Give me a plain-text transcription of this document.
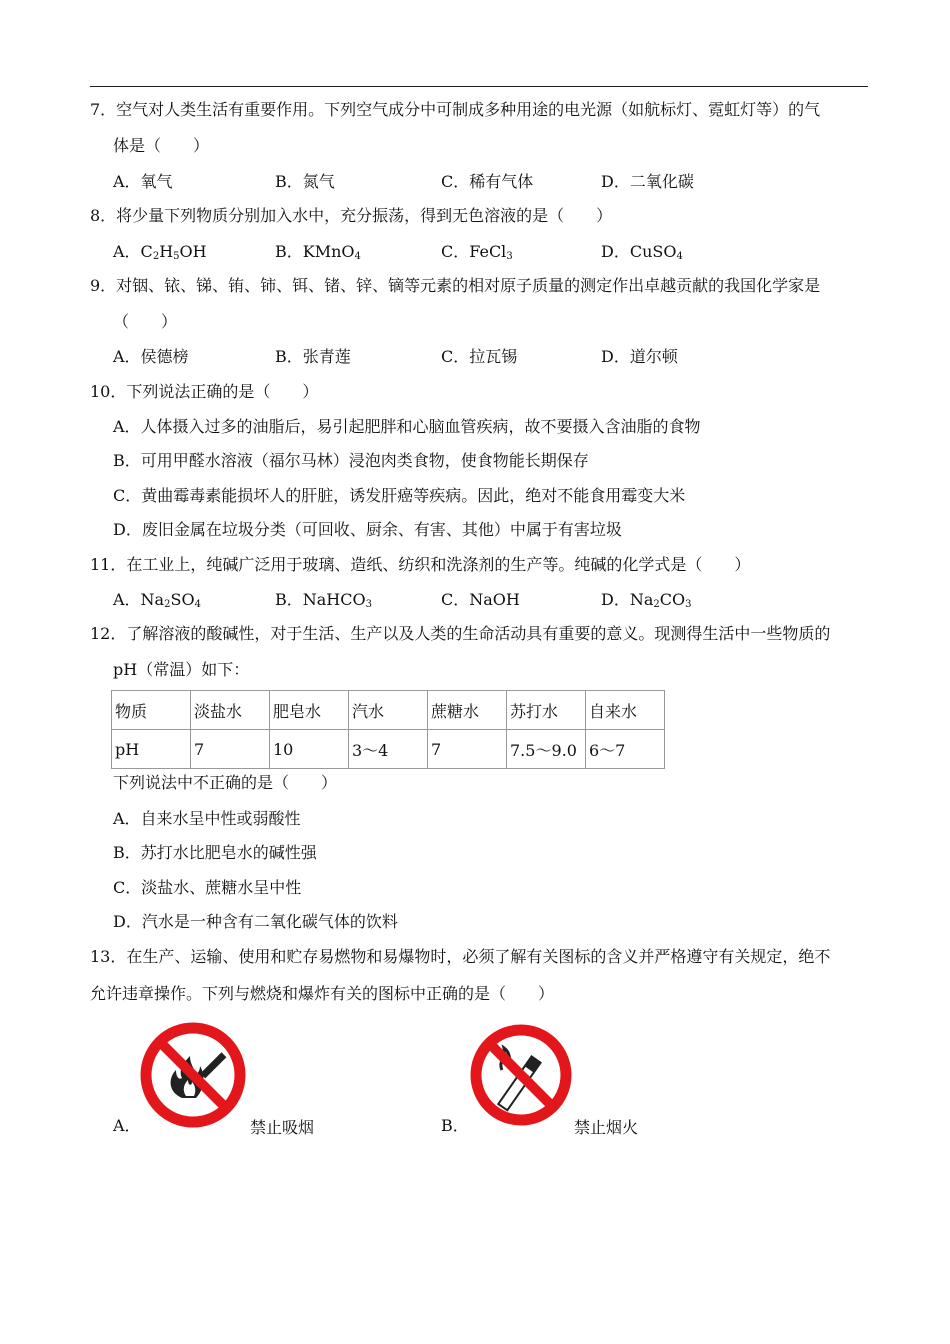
7．空气对人类生活有重要作用。下列空气成分中可制成多种用途的电光源（如航标灯、霓虹灯等）的气
体是（　　）
A．氧气	B．氮气	C．稀有气体	D．二氧化碳
8．将少量下列物质分别加入水中，充分振荡，得到无色溶液的是（　　）
A．$C_2H_5OH$	B．KMnO$_4$	C．FeCl$_3$	D．CuSO$_4$
9．对铟、铱、锑、铕、铈、铒、锗、锌、镝等元素的相对原子质量的测定作出卓越贡献的我国化学家是
（　　）
A．侯德榜	B．张青莲	C．拉瓦锡	D．道尔顿
10．下列说法正确的是（　　）
A．人体摄入过多的油脂后，易引起肥胖和心脑血管疾病，故不要摄入含油脂的食物
B．可用甲醛水溶液（福尔马林）浸泡肉类食物，使食物能长期保存
C．黄曲霉毒素能损坏人的肝脏，诱发肝癌等疾病。因此，绝对不能食用霉变大米
D．废旧金属在垃圾分类（可回收、厨余、有害、其他）中属于有害垃圾
11．在工业上，纯碱广泛用于玻璃、造纸、纺织和洗涤剂的生产等。纯碱的化学式是（　　）
A．$Na_2SO_4$	B．NaHCO$_3$	C．NaOH	D．$Na_2CO_3$
12．了解溶液的酸碱性，对于生活、生产以及人类的生命活动具有重要的意义。现测得生活中一些物质的
pH（常温）如下：
物质	淡盐水	肥皂水	汽水	蔗糖水	苏打水	自来水
pH	7	10	3～4	7	7.5～9.0	6～7
下列说法中不正确的是（　　）
A．自来水呈中性或弱酸性
B．苏打水比肥皂水的碱性强
C．淡盐水、蔗糖水呈中性
D．汽水是一种含有二氧化碳气体的饮料
13．在生产、运输、使用和贮存易燃物和易爆物时，必须了解有关图标的含义并严格遵守有关规定，绝不
允许违章操作。下列与燃烧和爆炸有关的图标中正确的是（　　）
A．	禁止吸烟	B．	禁止烟火
